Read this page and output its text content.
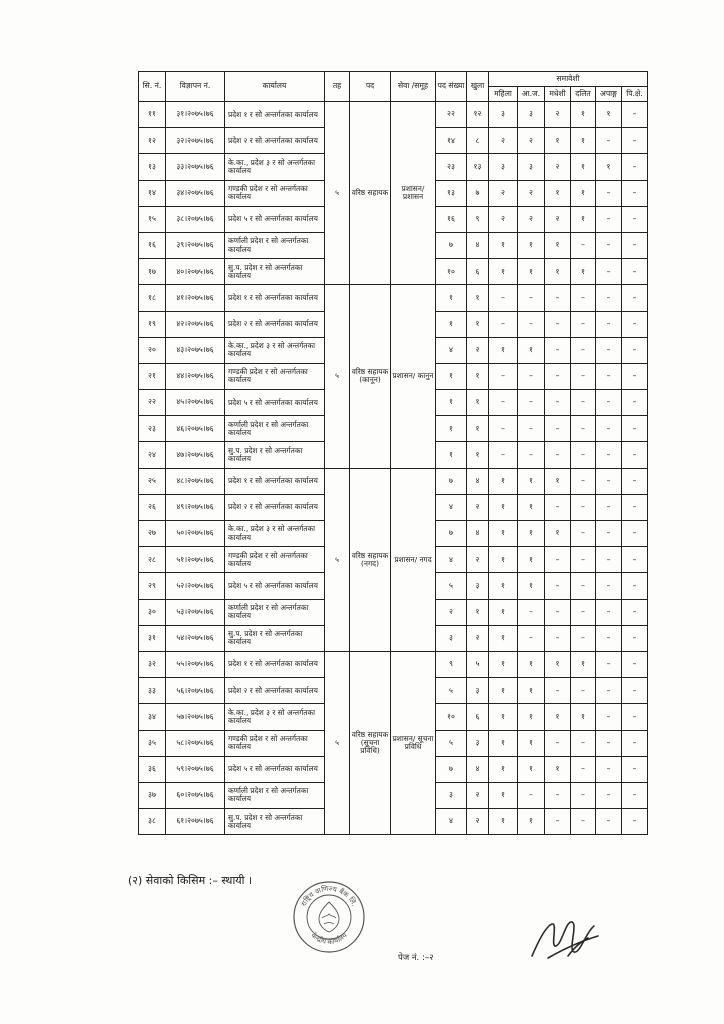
सि. नं.	विज्ञापन नं.	कार्यालय	तह	पद	सेवा /समूह	पद संख्या	खुला	समावेशी					
								महिला	आ.ज.	मधेशी	दलित	अपाङ्ग	पि.क्षे.
११	३१।२०७५।७६	प्रदेश १ र सो अन्तर्गतका कार्यालय	५	वरिष्ठ सहायक	प्रशासन/ प्रशासन	२२	१२	३	३	२	१	१	–
१२	३२।२०७५।७६	प्रदेश २ र सो अन्तर्गतका कार्यालय				१४	८	२	२	१	१	–	–
१३	३३।२०७५।७६	के.का., प्रदेश ३ र सो अन्तर्गतका कार्यालय				२३	१३	३	३	२	१	१	–
१४	३४।२०७५।७६	गण्डकी प्रदेश र सो अन्तर्गतका कार्यालय				१३	७	२	२	१	१	–	–
१५	३८।२०७५।७६	प्रदेश ५ र सो अन्तर्गतका कार्यालय				१६	९	२	२	२	१	–	–
१६	३९।२०७५।७६	कर्णाली प्रदेश र सो अन्तर्गतका कार्यालय				७	४	१	१	१	–	–	–
१७	४०।२०७५।७६	सु.प. प्रदेश र सो अन्तर्गतका कार्यालय				१०	६	१	१	१	१	–	–
१८	४१।२०७५।७६	प्रदेश १ र सो अन्तर्गतका कार्यालय	५	वरिष्ठ सहायक (कानून)	प्रशासन/ कानुन	१	१	–	–	–	–	–	–
१९	४२।२०७५।७६	प्रदेश २ र सो अन्तर्गतका कार्यालय				१	१	–	–	–	–	–	–
२०	४३।२०७५।७६	के.का., प्रदेश ३ र सो अन्तर्गतका कार्यालय				४	२	१	१	–	–	–	–
२१	४४।२०७५।७६	गण्डकी प्रदेश र सो अन्तर्गतका कार्यालय				१	१	–	–	–	–	–	–
२२	४५।२०७५।७६	प्रदेश ५ र सो अन्तर्गतका कार्यालय				१	१	–	–	–	–	–	–
२३	४६।२०७५।७६	कर्णाली प्रदेश र सो अन्तर्गतका कार्यालय				१	१	–	–	–	–	–	–
२४	४७।२०७५।७६	सु.प. प्रदेश र सो अन्तर्गतका कार्यालय				१	१	–	–	–	–	–	–
२५	४८।२०७५।७६	प्रदेश १ र सो अन्तर्गतका कार्यालय	५	वरिष्ठ सहायक (नगद)	प्रशासन/ नगद	७	४	१	१	१	–	–	–
२६	४९।२०७५।७६	प्रदेश २ र सो अन्तर्गतका कार्यालय				४	२	१	१	–	–	–	–
२७	५०।२०७५।७६	के.का., प्रदेश ३ र सो अन्तर्गतका कार्यालय				७	४	१	१	१	–	–	–
२८	५१।२०७५।७६	गण्डकी प्रदेश र सो अन्तर्गतका कार्यालय				४	२	१	१	–	–	–	–
२९	५२।२०७५।७६	प्रदेश ५ र सो अन्तर्गतका कार्यालय				५	३	१	१	–	–	–	–
३०	५३।२०७५।७६	कर्णाली प्रदेश र सो अन्तर्गतका कार्यालय				२	१	१	–	–	–	–	–
३१	५४।२०७५।७६	सु.प. प्रदेश र सो अन्तर्गतका कार्यालय				३	२	१	–	–	–	–	–
३२	५५।२०७५।७६	प्रदेश १ र सो अन्तर्गतका कार्यालय	५	वरिष्ठ सहायक (सूचना प्रविधि)	प्रशासन/ सूचना प्रविधि	९	५	१	१	१	१	–	–
३३	५६।२०७५।७६	प्रदेश २ र सो अन्तर्गतका कार्यालय				५	३	१	१	–	–	–	–
३४	५७।२०७५।७६	के.का., प्रदेश ३ र सो अन्तर्गतका कार्यालय				१०	६	१	१	१	१	–	–
३५	५८।२०७५।७६	गण्डकी प्रदेश र सो अन्तर्गतका कार्यालय				५	३	१	१	–	–	–	–
३६	५९।२०७५।७६	प्रदेश ५ र सो अन्तर्गतका कार्यालय				७	४	१	१	१	–	–	–
३७	६०।२०७५।७६	कर्णाली प्रदेश र सो अन्तर्गतका कार्यालय				३	२	१	–	–	–	–	–
३८	६१।२०७५।७६	सु.प. प्रदेश र सो अन्तर्गतका कार्यालय				४	२	१	१	–	–	–	–
(२) सेवाको किसिम :– स्थायी ।
राष्ट्रिय वाणिज्य बैंक लि.
केन्द्रीय कार्यालय
पेज नं. :–२
